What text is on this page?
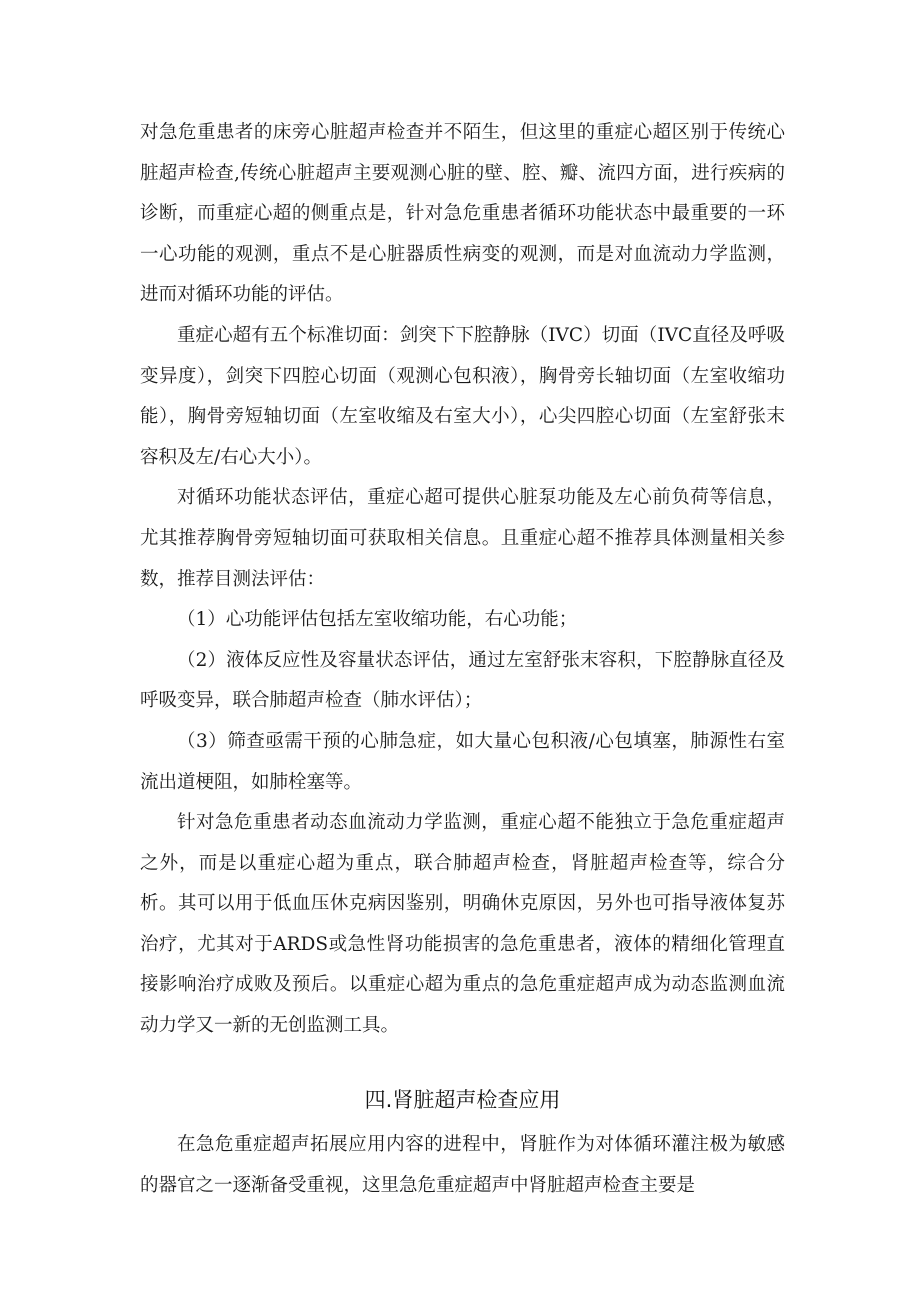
对急危重患者的床旁心脏超声检查并不陌生，但这里的重症心超区别于传统心脏超声检查,传统心脏超声主要观测心脏的壁、腔、瓣、流四方面，进行疾病的诊断，而重症心超的侧重点是，针对急危重患者循环功能状态中最重要的一环一心功能的观测，重点不是心脏器质性病变的观测，而是对血流动力学监测，进而对循环功能的评估。

重症心超有五个标准切面：剑突下下腔静脉（IVC）切面（IVC直径及呼吸变异度），剑突下四腔心切面（观测心包积液），胸骨旁长轴切面（左室收缩功能），胸骨旁短轴切面（左室收缩及右室大小），心尖四腔心切面（左室舒张末容积及左/右心大小）。

对循环功能状态评估，重症心超可提供心脏泵功能及左心前负荷等信息，尤其推荐胸骨旁短轴切面可获取相关信息。且重症心超不推荐具体测量相关参数，推荐目测法评估：

（1）心功能评估包括左室收缩功能，右心功能；

（2）液体反应性及容量状态评估，通过左室舒张末容积，下腔静脉直径及呼吸变异，联合肺超声检查（肺水评估）；

（3）筛查亟需干预的心肺急症，如大量心包积液/心包填塞，肺源性右室流出道梗阻，如肺栓塞等。

针对急危重患者动态血流动力学监测，重症心超不能独立于急危重症超声之外，而是以重症心超为重点，联合肺超声检查，肾脏超声检查等，综合分析。其可以用于低血压休克病因鉴别，明确休克原因，另外也可指导液体复苏治疗，尤其对于ARDS或急性肾功能损害的急危重患者，液体的精细化管理直接影响治疗成败及预后。以重症心超为重点的急危重症超声成为动态监测血流动力学又一新的无创监测工具。

四.肾脏超声检查应用

在急危重症超声拓展应用内容的进程中，肾脏作为对体循环灌注极为敏感的器官之一逐渐备受重视，这里急危重症超声中肾脏超声检查主要是
